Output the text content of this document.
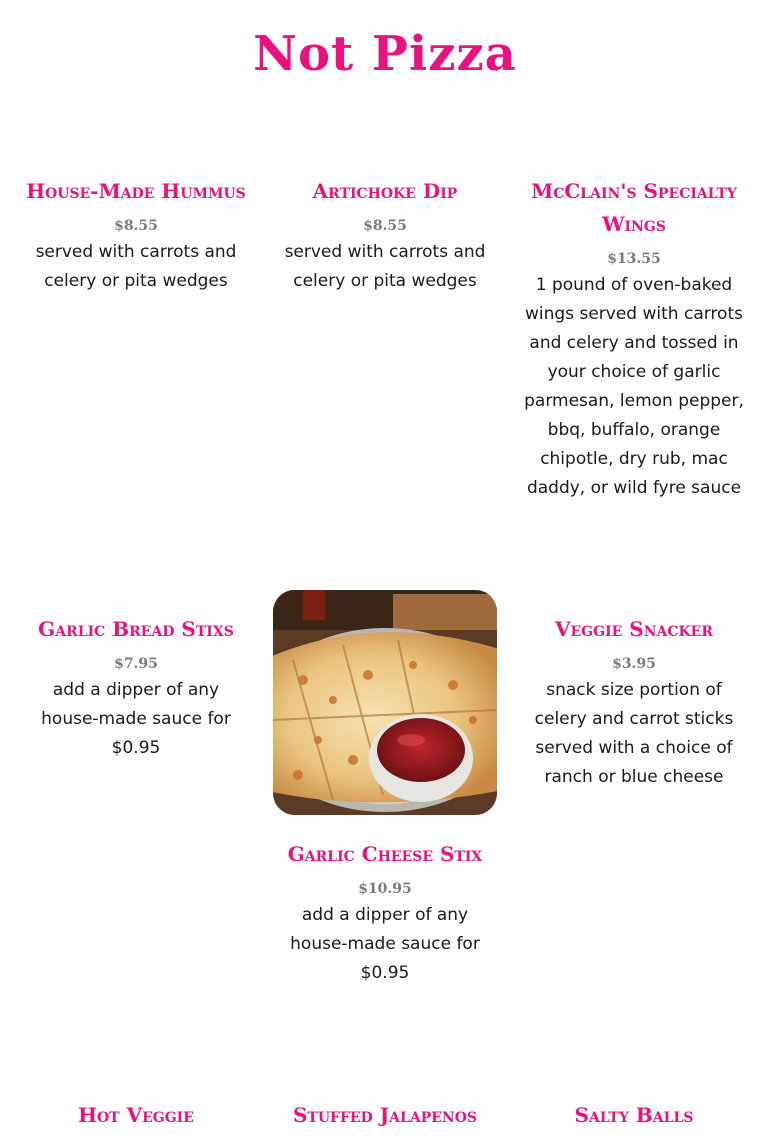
Not Pizza
House-Made Hummus
$8.55

served with carrots and celery or pita wedges

Artichoke Dip
$8.55

served with carrots and celery or pita wedges

McClain's Specialty Wings
$13.55

1 pound of oven-baked wings served with carrots and celery and tossed in your choice of garlic parmesan, lemon pepper, bbq, buffalo, orange chipotle, dry rub, mac daddy, or wild fyre sauce

Garlic Bread Stixs
$7.95

add a dipper of any house-made sauce for $0.95

Garlic Cheese Stix
$10.95

add a dipper of any house-made sauce for $0.95

Veggie Snacker
$3.95

snack size portion of celery and carrot sticks served with a choice of ranch or blue cheese

Hot Veggie	Stuffed Jalapenos	Salty Balls
